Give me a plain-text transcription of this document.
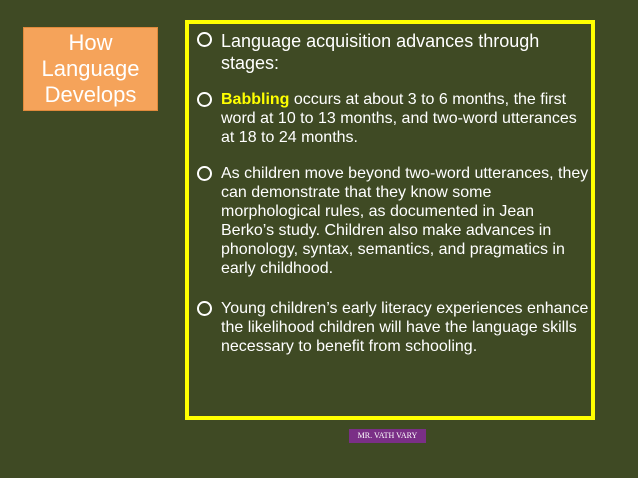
How
Language
Develops
Language acquisition advances through stages:
Babbling occurs at about 3 to 6 months, the first word at 10 to 13 months, and two-word utterances at 18 to 24 months.
As children move beyond two-word utterances, they can demonstrate that they know some morphological rules, as documented in Jean Berko’s study. Children also make advances in phonology, syntax, semantics, and pragmatics in early childhood.
Young children’s early literacy experiences enhance the likelihood children will have the language skills necessary to benefit from schooling.
MR. VATH VARY
